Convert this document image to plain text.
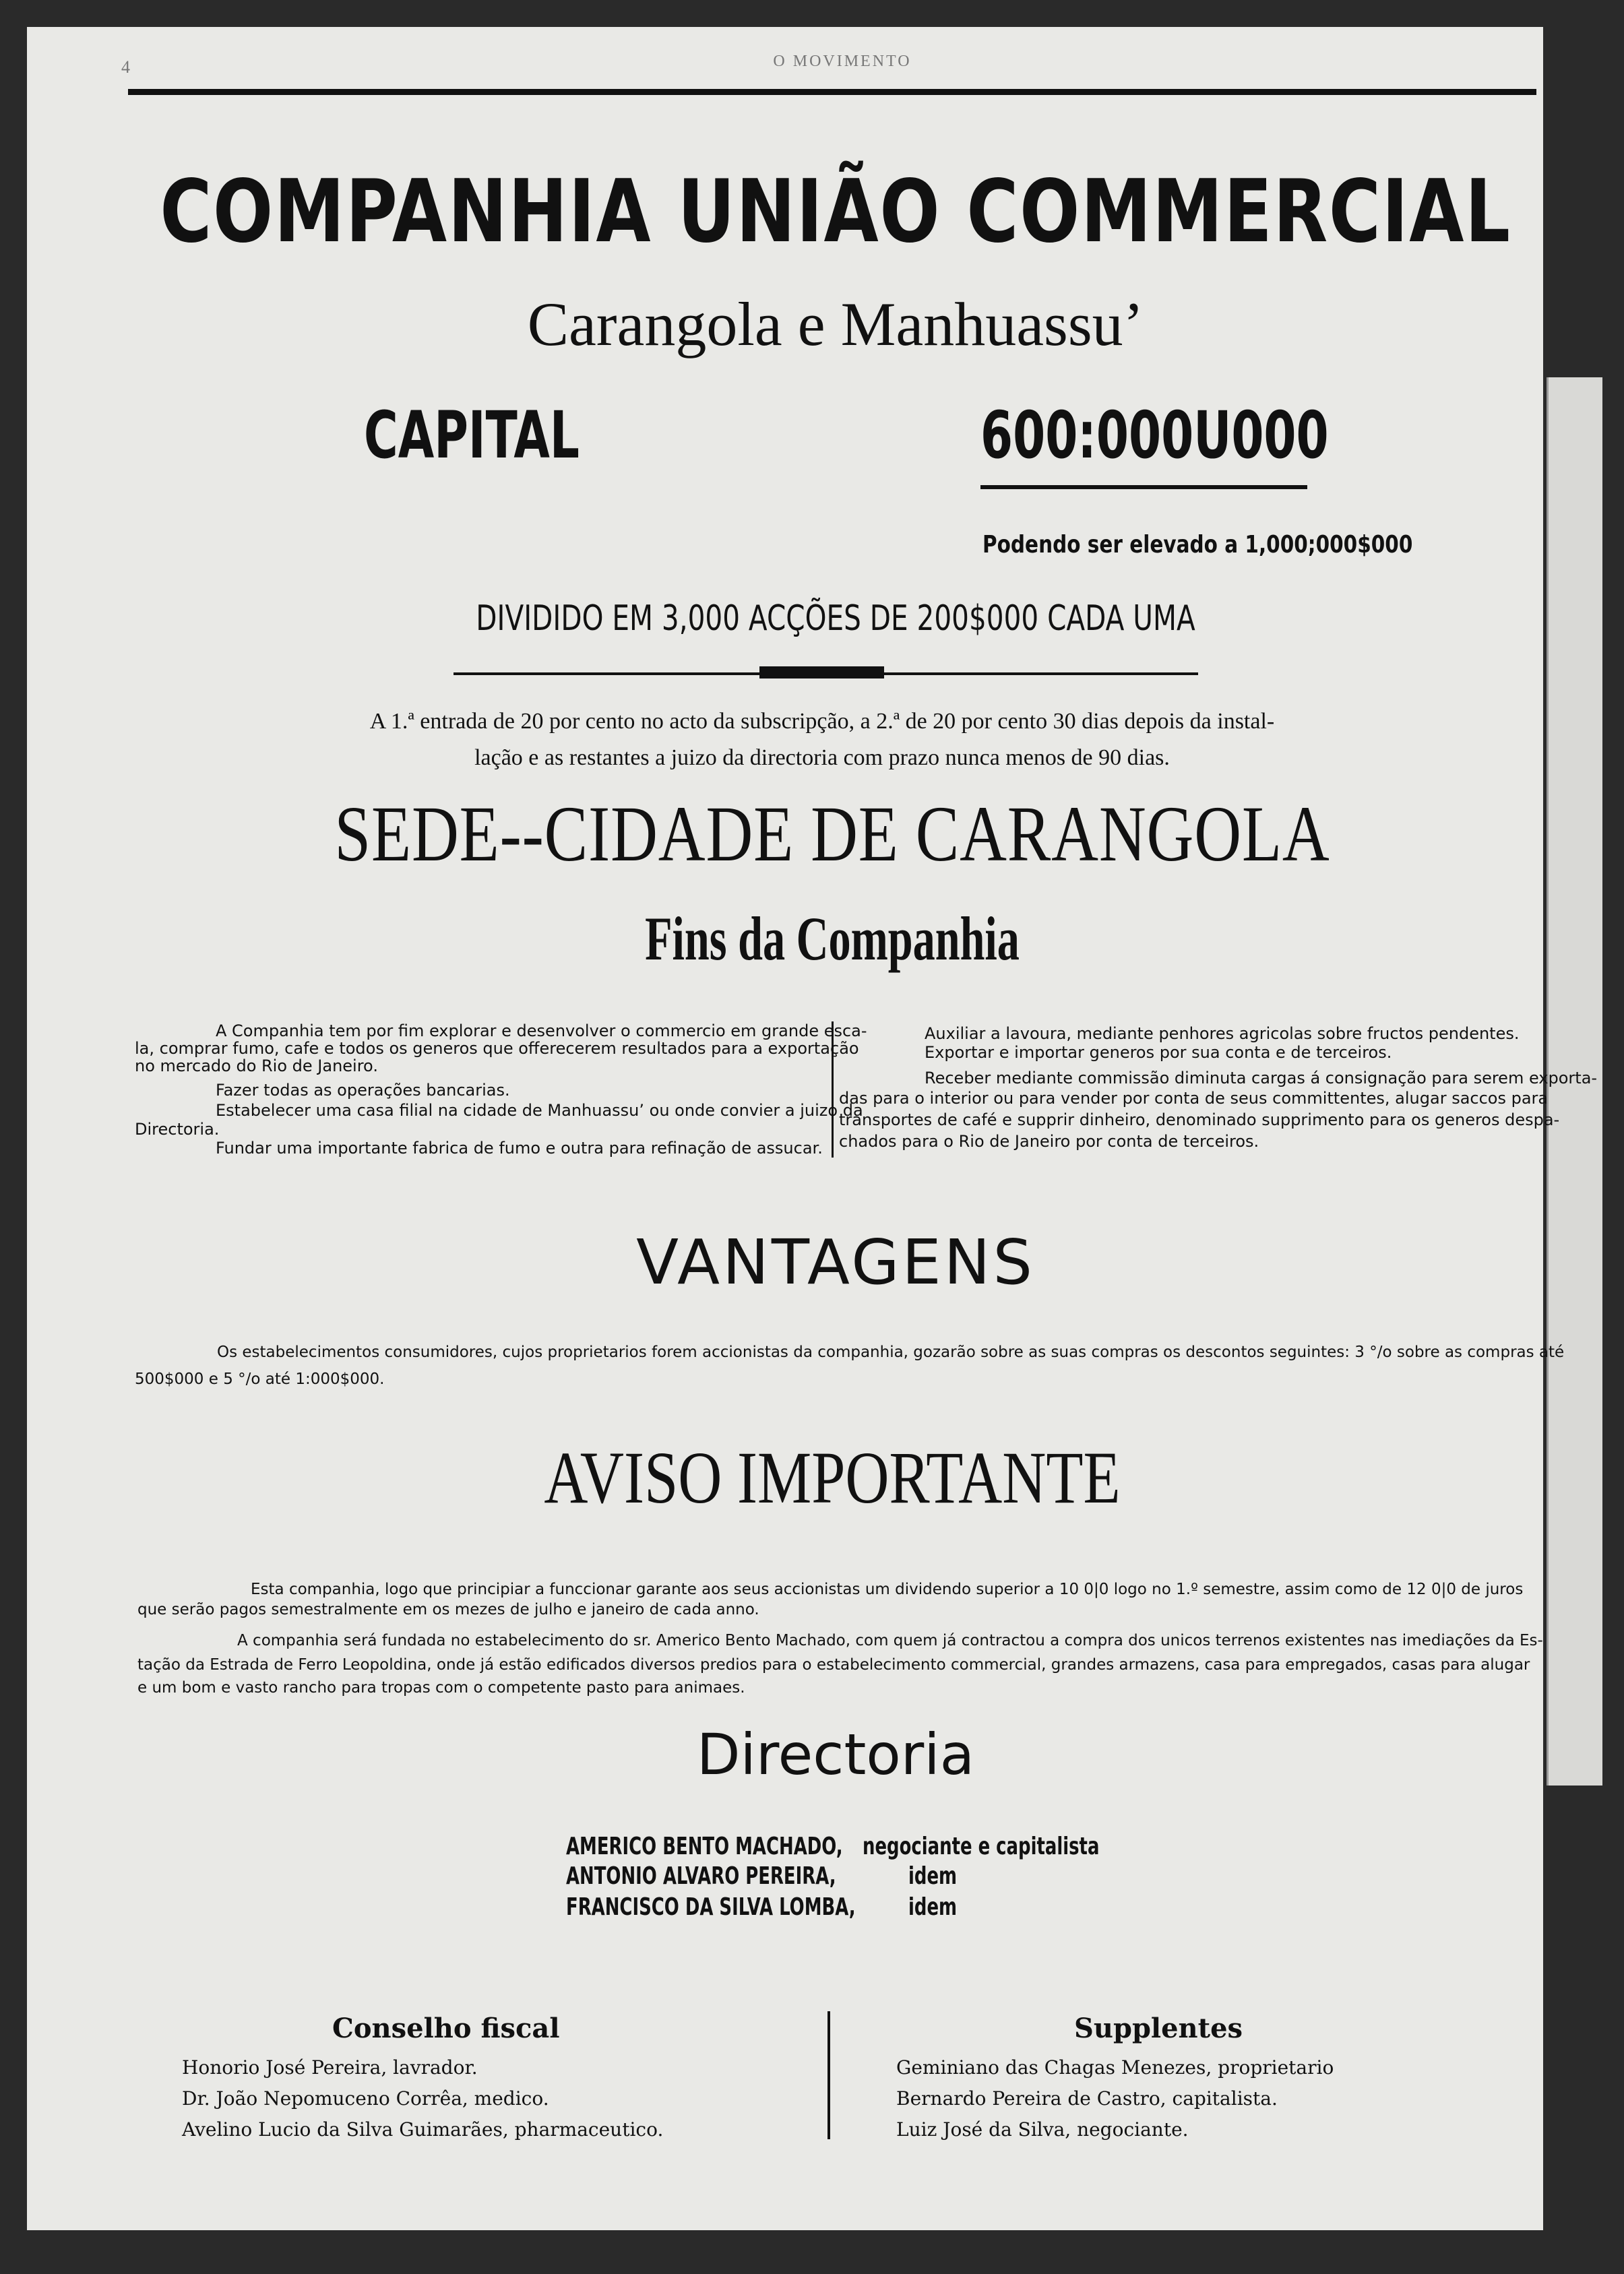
4	O MOVIMENTO
COMPANHIA UNIÃO COMMERCIAL
Carangola e Manhuassu’
CAPITAL	600:000U000
Podendo ser elevado a 1,000;000$000
DIVIDIDO EM 3,000 ACÇÕES DE 200$000 CADA UMA
A 1.ª entrada de 20 por cento no acto da subscripção, a 2.ª de 20 por cento 30 dias depois da instal-
lação e as restantes a juizo da directoria com prazo nunca menos de 90 dias.
SEDE--CIDADE DE CARANGOLA
Fins da Companhia
A Companhia tem por fim explorar e desenvolver o commercio em grande esca-
la, comprar fumo, cafe e todos os generos que offerecerem resultados para a exportação
no mercado do Rio de Janeiro.
Fazer todas as operações bancarias.
Estabelecer uma casa filial na cidade de Manhuassu’ ou onde convier a juizo da
Directoria.
Fundar uma importante fabrica de fumo e outra para refinação de assucar.
Auxiliar a lavoura, mediante penhores agricolas sobre fructos pendentes.
Exportar e importar generos por sua conta e de terceiros.
Receber mediante commissão diminuta cargas á consignação para serem exporta-
das para o interior ou para vender por conta de seus committentes, alugar saccos para
transportes de café e supprir dinheiro, denominado supprimento para os generos despa-
chados para o Rio de Janeiro por conta de terceiros.
VANTAGENS
Os estabelecimentos consumidores, cujos proprietarios forem accionistas da companhia, gozarão sobre as suas compras os descontos seguintes: 3 °/o sobre as compras até
500$000 e 5 °/o até 1:000$000.
AVISO IMPORTANTE
Esta companhia, logo que principiar a funccionar garante aos seus accionistas um dividendo superior a 10 0|0 logo no 1.º semestre, assim como de 12 0|0 de juros
que serão pagos semestralmente em os mezes de julho e janeiro de cada anno.
A companhia será fundada no estabelecimento do sr. Americo Bento Machado, com quem já contractou a compra dos unicos terrenos existentes nas imediações da Es-
tação da Estrada de Ferro Leopoldina, onde já estão edificados diversos predios para o estabelecimento commercial, grandes armazens, casa para empregados, casas para alugar
e um bom e vasto rancho para tropas com o competente pasto para animaes.
Directoria
AMERICO BENTO MACHADO, negociante e capitalista
ANTONIO ALVARO PEREIRA,	idem
FRANCISCO DA SILVA LOMBA, idem
Conselho fiscal
Honorio José Pereira, lavrador.
Dr. João Nepomuceno Corrêa, medico.
Avelino Lucio da Silva Guimarães, pharmaceutico.
Supplentes
Geminiano das Chagas Menezes, proprietario
Bernardo Pereira de Castro, capitalista.
Luiz José da Silva, negociante.
